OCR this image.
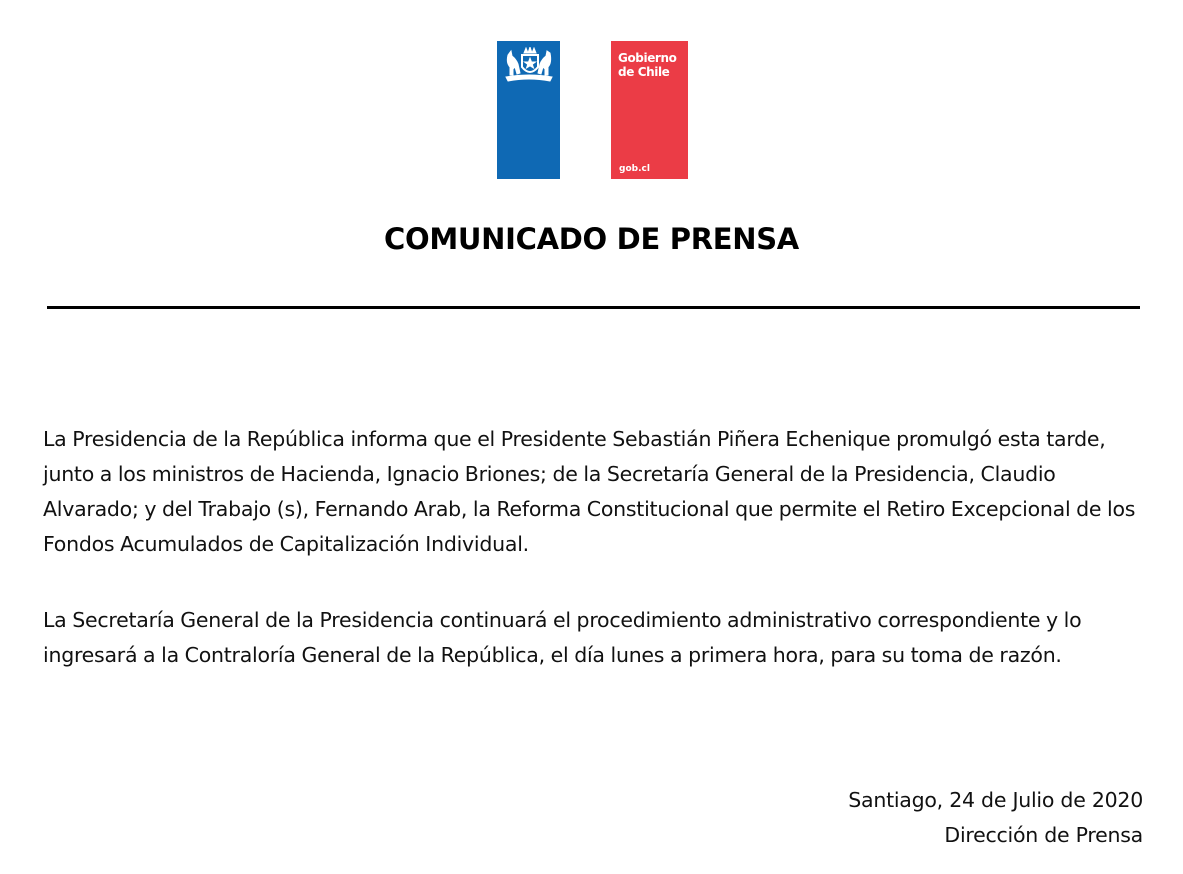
Gobierno
de Chile
gob.cl
COMUNICADO DE PRENSA

La Presidencia de la República informa que el Presidente Sebastián Piñera Echenique promulgó esta tarde, junto a los ministros de Hacienda, Ignacio Briones; de la Secretaría General de la Presidencia, Claudio Alvarado; y del Trabajo (s), Fernando Arab, la Reforma Constitucional que permite el Retiro Excepcional de los Fondos Acumulados de Capitalización Individual.

La Secretaría General de la Presidencia continuará el procedimiento administrativo correspondiente y lo ingresará a la Contraloría General de la República, el día lunes a primera hora, para su toma de razón.

Santiago, 24 de Julio de 2020

Dirección de Prensa
